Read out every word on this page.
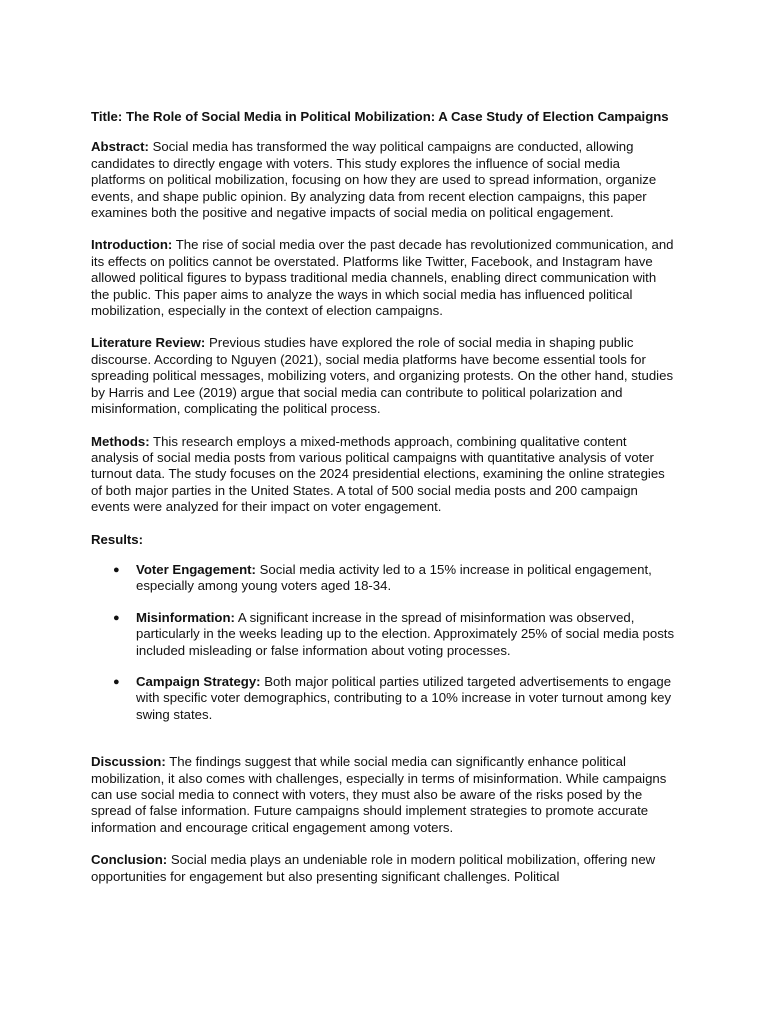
Title: The Role of Social Media in Political Mobilization: A Case Study of Election Campaigns

Abstract: Social media has transformed the way political campaigns are conducted, allowing candidates to directly engage with voters. This study explores the influence of social media platforms on political mobilization, focusing on how they are used to spread information, organize events, and shape public opinion. By analyzing data from recent election campaigns, this paper examines both the positive and negative impacts of social media on political engagement.

Introduction: The rise of social media over the past decade has revolutionized communication, and its effects on politics cannot be overstated. Platforms like Twitter, Facebook, and Instagram have allowed political figures to bypass traditional media channels, enabling direct communication with the public. This paper aims to analyze the ways in which social media has influenced political mobilization, especially in the context of election campaigns.

Literature Review: Previous studies have explored the role of social media in shaping public discourse. According to Nguyen (2021), social media platforms have become essential tools for spreading political messages, mobilizing voters, and organizing protests. On the other hand, studies by Harris and Lee (2019) argue that social media can contribute to political polarization and misinformation, complicating the political process.

Methods: This research employs a mixed-methods approach, combining qualitative content analysis of social media posts from various political campaigns with quantitative analysis of voter turnout data. The study focuses on the 2024 presidential elections, examining the online strategies of both major parties in the United States. A total of 500 social media posts and 200 campaign events were analyzed for their impact on voter engagement.

Results:

● Voter Engagement: Social media activity led to a 15% increase in political engagement, especially among young voters aged 18-34.
● Misinformation: A significant increase in the spread of misinformation was observed, particularly in the weeks leading up to the election. Approximately 25% of social media posts included misleading or false information about voting processes.
● Campaign Strategy: Both major political parties utilized targeted advertisements to engage with specific voter demographics, contributing to a 10% increase in voter turnout among key swing states.

Discussion: The findings suggest that while social media can significantly enhance political mobilization, it also comes with challenges, especially in terms of misinformation. While campaigns can use social media to connect with voters, they must also be aware of the risks posed by the spread of false information. Future campaigns should implement strategies to promote accurate information and encourage critical engagement among voters.

Conclusion: Social media plays an undeniable role in modern political mobilization, offering new opportunities for engagement but also presenting significant challenges. Political
